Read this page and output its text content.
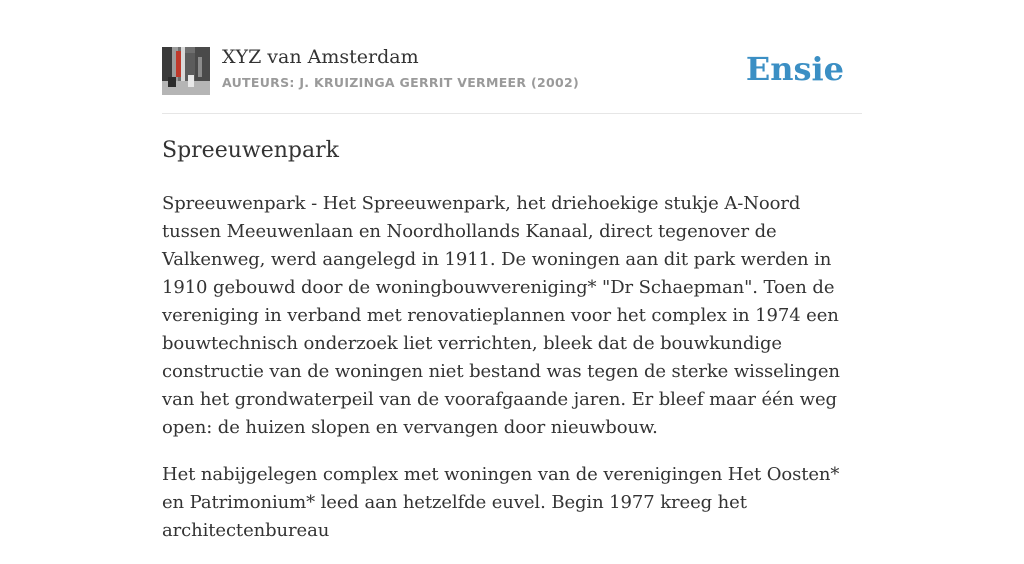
XYZ van Amsterdam
AUTEURS: J. KRUIZINGA GERRIT VERMEER (2002)	Ensie
Spreeuwenpark

Spreeuwenpark - Het Spreeuwenpark, het driehoekige stukje A-Noord tussen Meeuwenlaan en Noordhollands Kanaal, direct tegenover de Valkenweg, werd aangelegd in 1911. De woningen aan dit park werden in 1910 gebouwd door de woningbouwvereniging* "Dr Schaepman". Toen de vereniging in verband met renovatieplannen voor het complex in 1974 een bouwtechnisch onderzoek liet verrichten, bleek dat de bouwkundige constructie van de woningen niet bestand was tegen de sterke wisselingen van het grondwaterpeil van de voorafgaande jaren. Er bleef maar één weg open: de huizen slopen en vervangen door nieuwbouw.

Het nabijgelegen complex met woningen van de verenigingen Het Oosten* en Patrimonium* leed aan hetzelfde euvel. Begin 1977 kreeg het architectenbureau
